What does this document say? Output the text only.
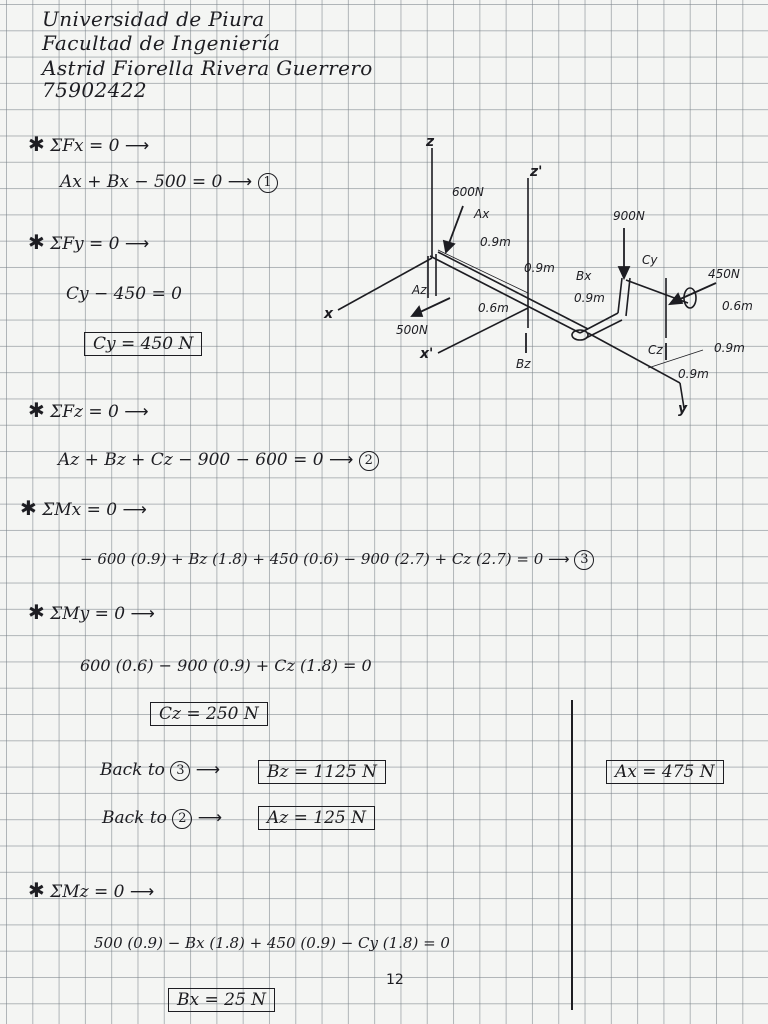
Universidad de Piura
Facultad de Ingeniería
Astrid Fiorella Rivera Guerrero
75902422
✱ ΣFx = 0 ⟶
Ax + Bx − 500 = 0 ⟶ 1
✱ ΣFy = 0 ⟶
Cy − 450 = 0
Cy = 450 N
✱ ΣFz = 0 ⟶
Az + Bz + Cz − 900 − 600 = 0 ⟶ 2
✱ ΣMx = 0 ⟶
− 600 (0.9) + Bz (1.8) + 450 (0.6) − 900 (2.7) + Cz (2.7) = 0 ⟶ 3
✱ ΣMy = 0 ⟶
600 (0.6) − 900 (0.9) + Cz (1.8) = 0
Cz = 250 N
Back to 3 ⟶	Bz = 1125 N
Back to 2 ⟶	Az = 125 N
Ax = 475 N
✱ ΣMz = 0 ⟶
500 (0.9) − Bx (1.8) + 450 (0.9) − Cy (1.8) = 0
Bx = 25 N
12
z
z'
x
x'
y
600N
900N
450N
500N
Ax
Az
Bx
Bz
Cy
Cz
0.9m
0.9m
0.6m
0.9m
0.6m
0.9m
0.9m
